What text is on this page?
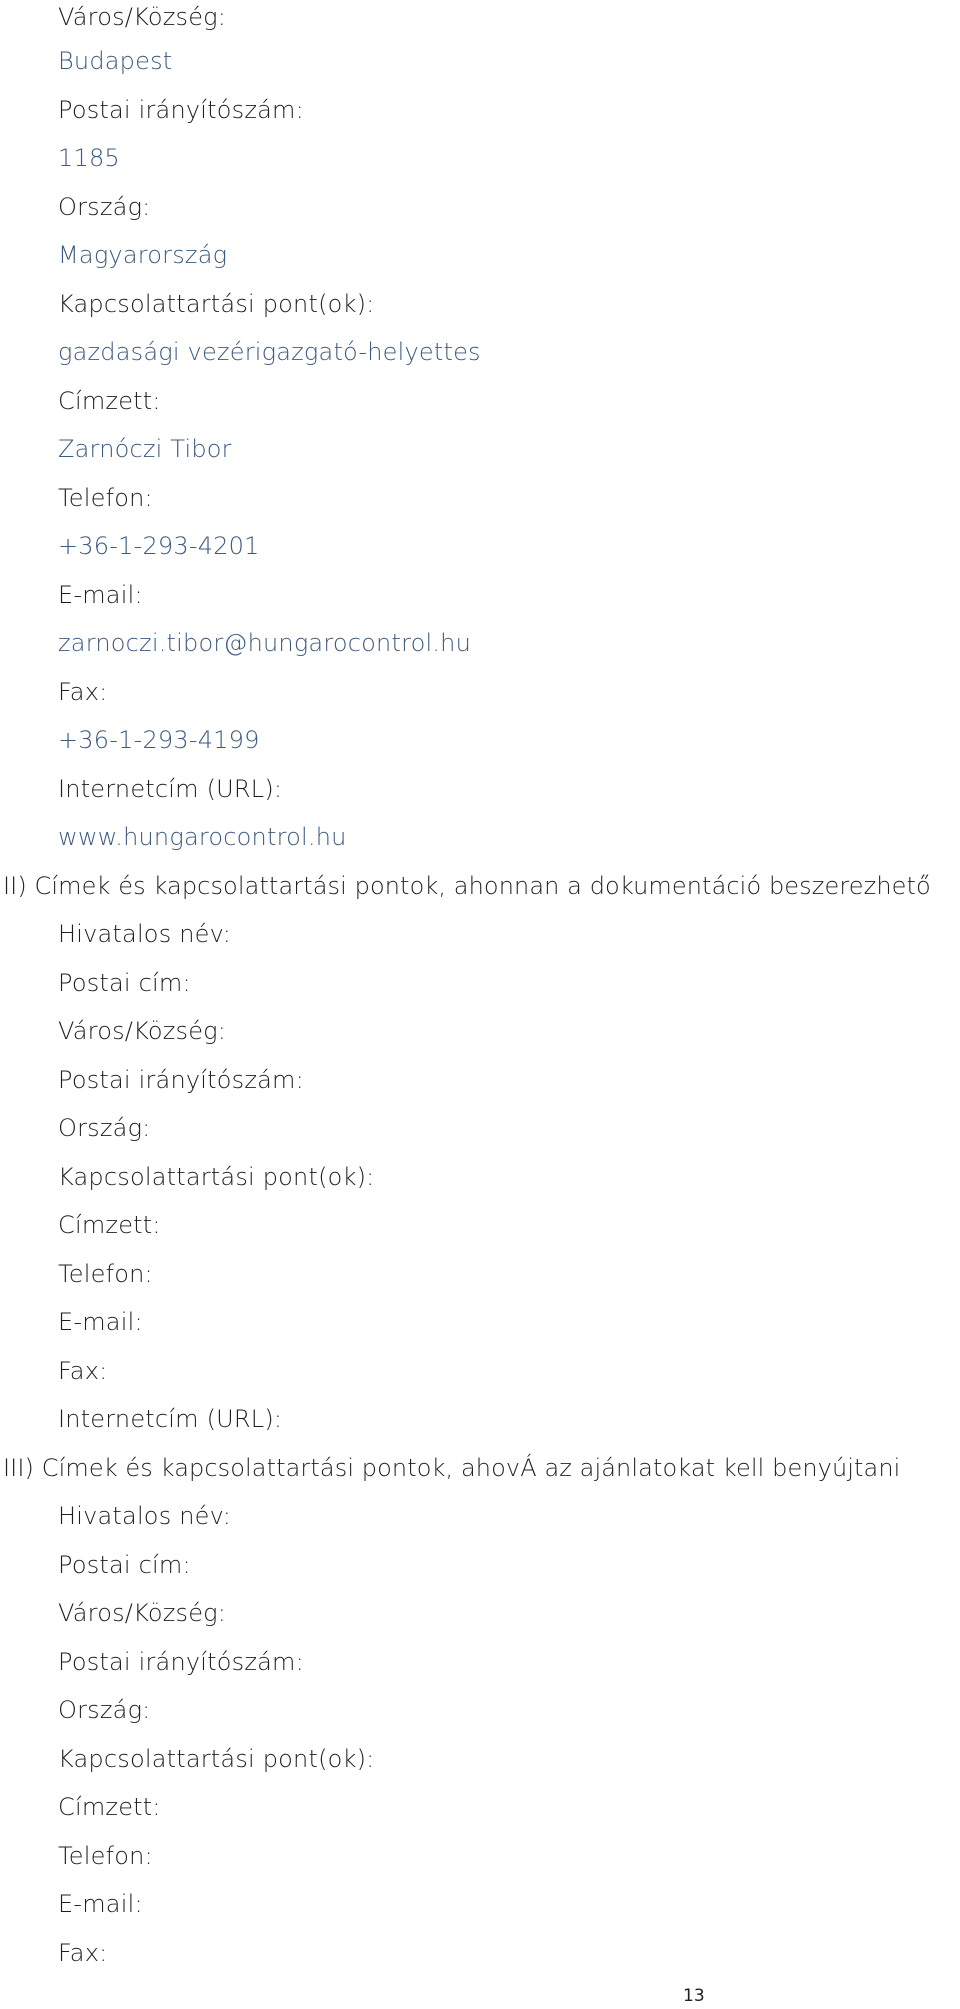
Város/Község:
Budapest
Postai irányítószám:
1185
Ország:
Magyarország
Kapcsolattartási pont(ok):
gazdasági vezérigazgató-helyettes
Címzett:
Zarnóczi Tibor
Telefon:
+36-1-293-4201
E-mail:
zarnoczi.tibor@hungarocontrol.hu
Fax:
+36-1-293-4199
Internetcím (URL):
www.hungarocontrol.hu
II) Címek és kapcsolattartási pontok, ahonnan a dokumentáció beszerezhető
Hivatalos név:
Postai cím:
Város/Község:
Postai irányítószám:
Ország:
Kapcsolattartási pont(ok):
Címzett:
Telefon:
E-mail:
Fax:
Internetcím (URL):
III) Címek és kapcsolattartási pontok, ahovÁ az ajánlatokat kell benyújtani
Hivatalos név:
Postai cím:
Város/Község:
Postai irányítószám:
Ország:
Kapcsolattartási pont(ok):
Címzett:
Telefon:
E-mail:
Fax:
13
